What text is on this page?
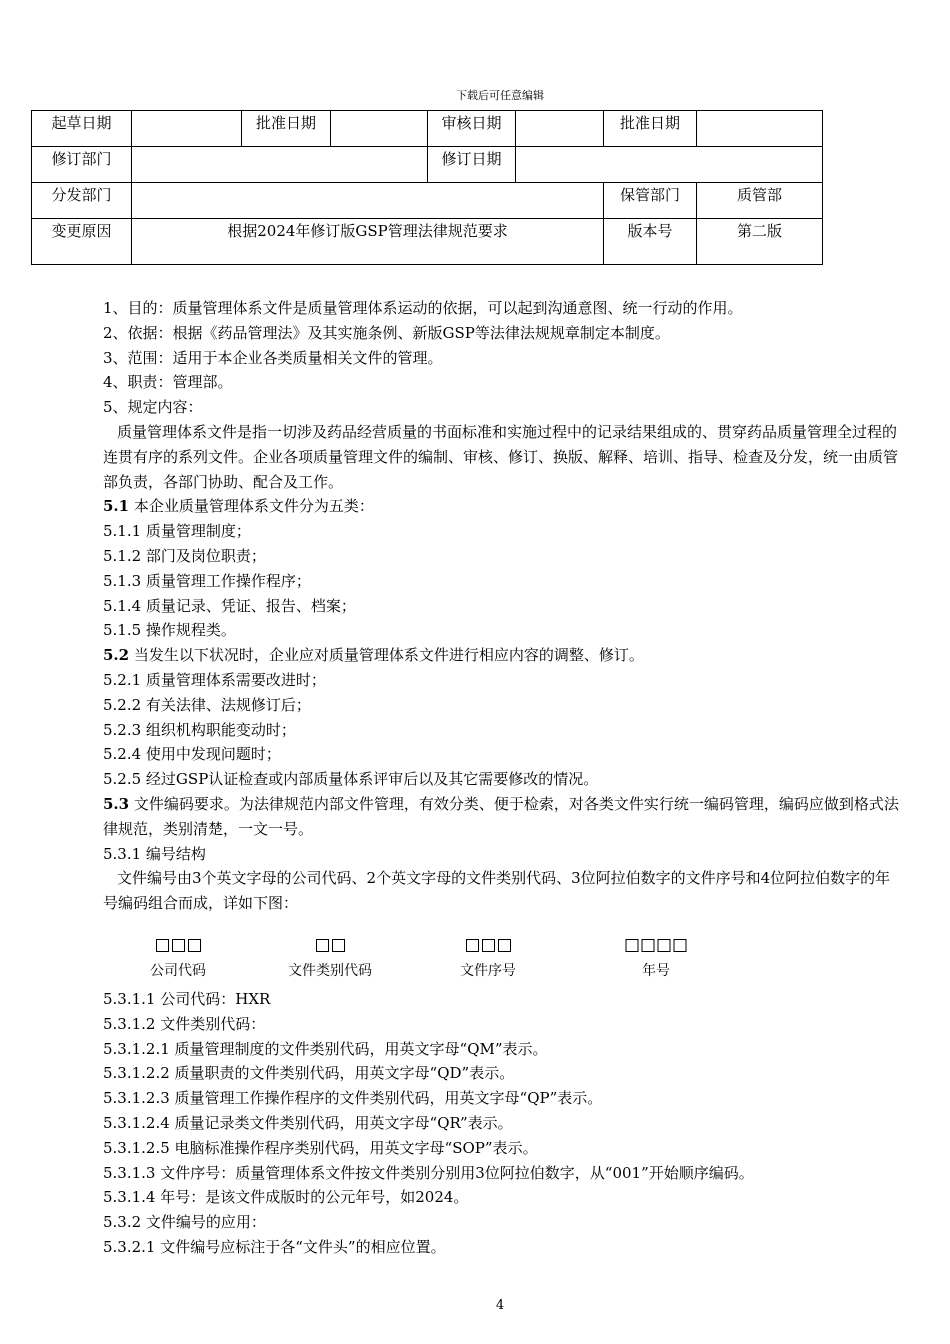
下载后可任意编辑
起草日期		批准日期		审核日期		批准日期	
修订部门				修订日期			
分发部门						保管部门	质管部
变更原因	根据2024年修订版GSP管理法律规范要求					版本号	第二版

1、目的：质量管理体系文件是质量管理体系运动的依据，可以起到沟通意图、统一行动的作用。

2、依据：根据《药品管理法》及其实施条例、新版GSP等法律法规规章制定本制度。

3、范围：适用于本企业各类质量相关文件的管理。

4、职责：管理部。

5、规定内容：

质量管理体系文件是指一切涉及药品经营质量的书面标准和实施过程中的记录结果组成的、贯穿药品质量管理全过程的连贯有序的系列文件。企业各项质量管理文件的编制、审核、修订、换版、解释、培训、指导、检查及分发，统一由质管部负责，各部门协助、配合及工作。

5.1 本企业质量管理体系文件分为五类：

5.1.1 质量管理制度；

5.1.2 部门及岗位职责；

5.1.3 质量管理工作操作程序；

5.1.4 质量记录、凭证、报告、档案；

5.1.5 操作规程类。

5.2 当发生以下状况时，企业应对质量管理体系文件进行相应内容的调整、修订。

5.2.1 质量管理体系需要改进时；

5.2.2 有关法律、法规修订后；

5.2.3 组织机构职能变动时；

5.2.4 使用中发现问题时；

5.2.5 经过GSP认证检查或内部质量体系评审后以及其它需要修改的情况。

5.3 文件编码要求。为法律规范内部文件管理，有效分类、便于检索，对各类文件实行统一编码管理，编码应做到格式法律规范，类别清楚，一文一号。

5.3.1 编号结构

文件编号由3个英文字母的公司代码、2个英文字母的文件类别代码、3位阿拉伯数字的文件序号和4位阿拉伯数字的年号编码组合而成，详如下图：

公司代码	文件类别代码	文件序号	年号

5.3.1.1 公司代码：HXR

5.3.1.2 文件类别代码：

5.3.1.2.1 质量管理制度的文件类别代码，用英文字母“QM”表示。

5.3.1.2.2 质量职责的文件类别代码，用英文字母“QD”表示。

5.3.1.2.3 质量管理工作操作程序的文件类别代码，用英文字母“QP”表示。

5.3.1.2.4 质量记录类文件类别代码，用英文字母“QR”表示。

5.3.1.2.5 电脑标准操作程序类别代码，用英文字母“SOP”表示。

5.3.1.3 文件序号：质量管理体系文件按文件类别分别用3位阿拉伯数字，从“001”开始顺序编码。

5.3.1.4 年号：是该文件成版时的公元年号，如2024。

5.3.2 文件编号的应用：

5.3.2.1 文件编号应标注于各“文件头”的相应位置。

4
